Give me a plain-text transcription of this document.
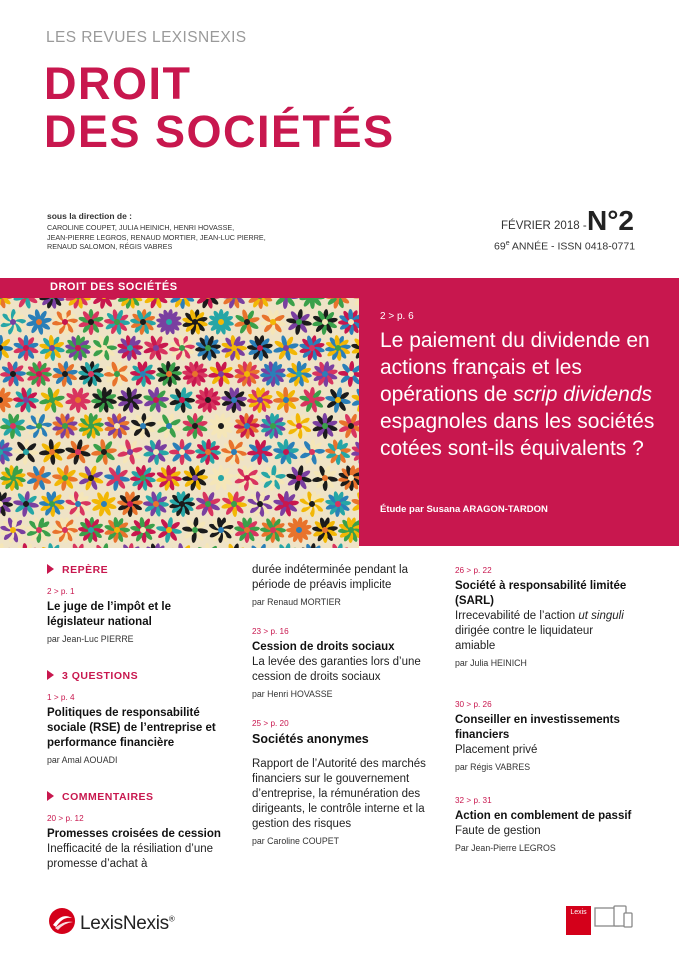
LES REVUES LEXISNEXIS
DROIT
DES SOCIÉTÉS
sous la direction de :
CAROLINE COUPET, JULIA HEINICH, HENRI HOVASSE,
JEAN-PIERRE LEGROS, RENAUD MORTIER, JEAN-LUC PIERRE,
RENAUD SALOMON, RÉGIS VABRES
FÉVRIER 2018 - N°2
69e ANNÉE - ISSN 0418-0771
DROIT DES SOCIÉTÉS
2 > p. 6
Le paiement du dividende en actions français et les opérations de scrip dividends espagnoles dans les sociétés cotées sont-ils équivalents ?
Étude par Susana ARAGON-TARDON
REPÈRE
2 > p. 1
Le juge de l’impôt et le législateur national
par Jean-Luc PIERRE
3 QUESTIONS
1 > p. 4
Politiques de responsabilité sociale (RSE) de l’entreprise et performance financière
par Amal AOUADI
COMMENTAIRES
20 > p. 12
Promesses croisées de cession
Inefficacité de la résiliation d’une promesse d’achat à
durée indéterminée pendant la période de préavis implicite
par Renaud MORTIER
23 > p. 16
Cession de droits sociaux
La levée des garanties lors d’une cession de droits sociaux
par Henri HOVASSE
25 > p. 20
Sociétés anonymes
Rapport de l’Autorité des marchés financiers sur le gouvernement d’entreprise, la rémunération des dirigeants, le contrôle interne et la gestion des risques
par Caroline COUPET
26 > p. 22
Société à responsabilité limitée (SARL)
Irrecevabilité de l’action ut singuli dirigée contre le liquidateur amiable
par Julia HEINICH
30 > p. 26
Conseiller en investissements financiers
Placement privé
par Régis VABRES
32 > p. 31
Action en comblement de passif
Faute de gestion
Par Jean-Pierre LEGROS
LexisNexis®
Lexis
